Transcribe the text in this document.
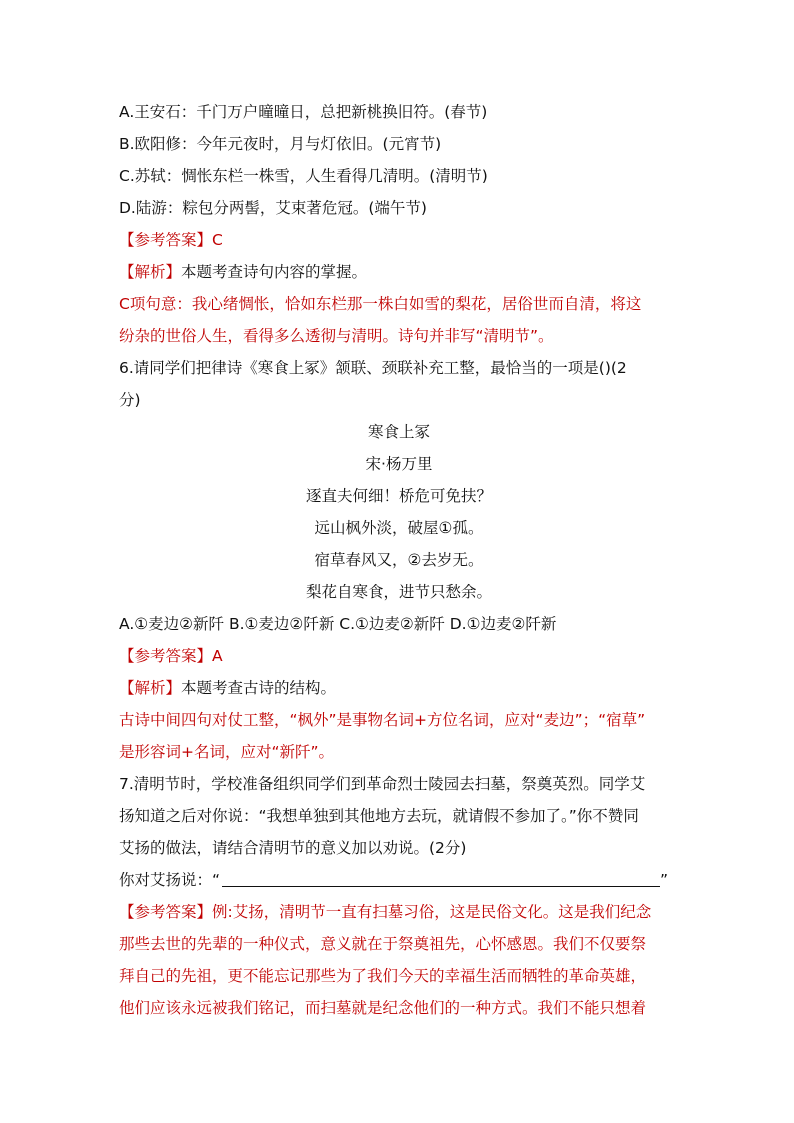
A.王安石：千门万户曈曈日，总把新桃换旧符。(春节)
B.欧阳修：今年元夜时，月与灯依旧。(元宵节)
C.苏轼：惆怅东栏一株雪，人生看得几清明。(清明节)
D.陆游：粽包分两髻，艾束著危冠。(端午节)
【参考答案】C
【解析】本题考查诗句内容的掌握。
C项句意：我心绪惆怅，恰如东栏那一株白如雪的梨花，居俗世而自清，将这
纷杂的世俗人生，看得多么透彻与清明。诗句并非写“清明节”。
6.请同学们把律诗《寒食上冢》颔联、颈联补充工整，最恰当的一项是()(2
分)
寒食上冢
宋·杨万里
逐直夫何细！桥危可免扶？
远山枫外淡，破屋①孤。
宿草春风又，②去岁无。
梨花自寒食，进节只愁余。
A.①麦边②新阡 B.①麦边②阡新 C.①边麦②新阡 D.①边麦②阡新
【参考答案】A
【解析】本题考查古诗的结构。
古诗中间四句对仗工整，“枫外”是事物名词+方位名词，应对“麦边”；“宿草”
是形容词+名词，应对“新阡”。
7.清明节时，学校准备组织同学们到革命烈士陵园去扫墓，祭奠英烈。同学艾
扬知道之后对你说：“我想单独到其他地方去玩，就请假不参加了。”你不赞同
艾扬的做法，请结合清明节的意义加以劝说。(2分)
你对艾扬说：“	”
【参考答案】例:艾扬，清明节一直有扫墓习俗，这是民俗文化。这是我们纪念
那些去世的先辈的一种仪式，意义就在于祭奠祖先，心怀感恩。我们不仅要祭
拜自己的先祖，更不能忘记那些为了我们今天的幸福生活而牺牲的革命英雄，
他们应该永远被我们铭记，而扫墓就是纪念他们的一种方式。我们不能只想着
